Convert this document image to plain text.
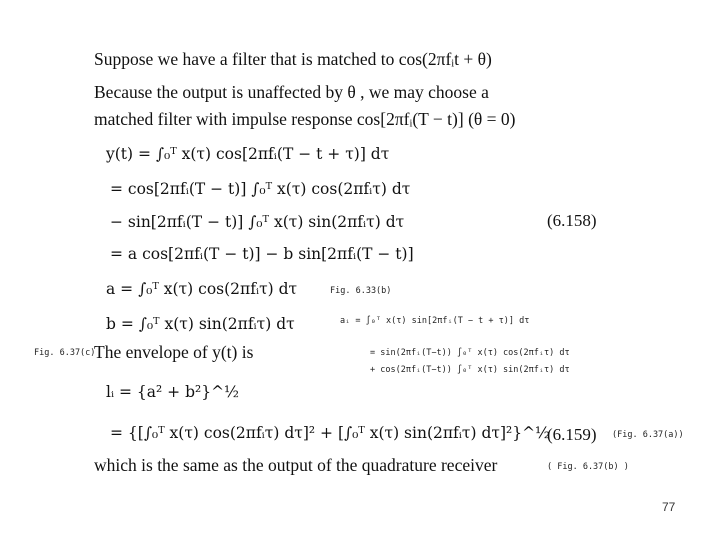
Suppose we have a filter that is matched to cos(2πfᵢt + θ)
Because the output is unaffected by θ , we may choose a
matched filter with impulse response cos[2πfᵢ(T − t)] (θ = 0)
y(t) = ∫₀ᵀ x(τ) cos[2πfᵢ(T − t + τ)] dτ
= cos[2πfᵢ(T − t)] ∫₀ᵀ x(τ) cos(2πfᵢτ) dτ
− sin[2πfᵢ(T − t)] ∫₀ᵀ x(τ) sin(2πfᵢτ) dτ	(6.158)
= a cos[2πfᵢ(T − t)] − b sin[2πfᵢ(T − t)]
a = ∫₀ᵀ x(τ) cos(2πfᵢτ) dτ
b = ∫₀ᵀ x(τ) sin(2πfᵢτ) dτ
Fig. 6.33(b)
aᵢ = ∫₀ᵀ x(τ) sin[2πfᵢ(T − t + τ)] dτ
= sin(2πfᵢ(T−t)) ∫₀ᵀ x(τ) cos(2πfᵢτ) dτ
+ cos(2πfᵢ(T−t)) ∫₀ᵀ x(τ) sin(2πfᵢτ) dτ
Fig. 6.37(c)
The envelope of y(t) is
lᵢ = {a² + b²}^½
= {[∫₀ᵀ x(τ) cos(2πfᵢτ) dτ]² + [∫₀ᵀ x(τ) sin(2πfᵢτ) dτ]²}^½
(6.159) (Fig. 6.37(a))
which is the same as the output of the quadrature receiver	( Fig. 6.37(b) )
77
